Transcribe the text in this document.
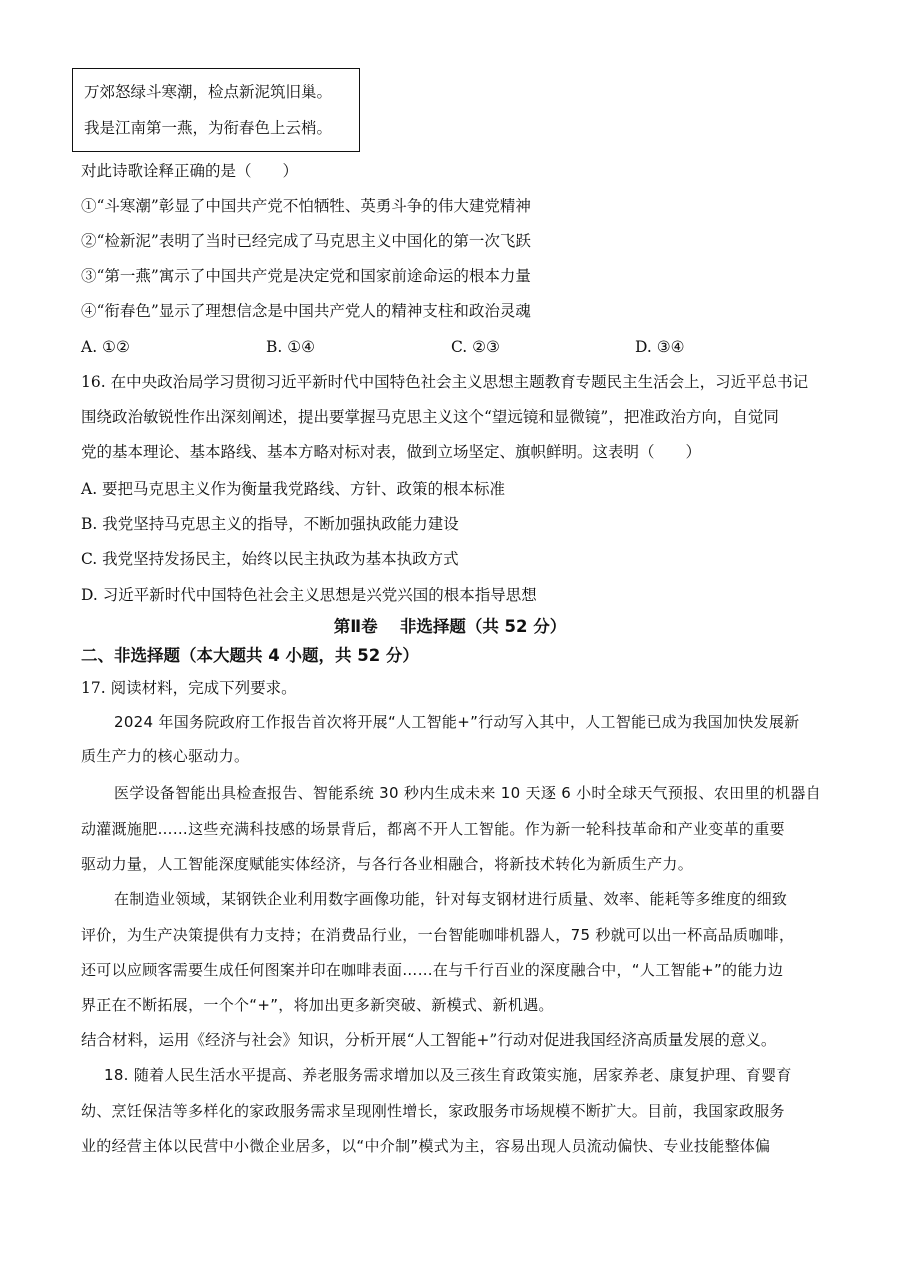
万郊怒绿斗寒潮，检点新泥筑旧巢。
我是江南第一燕，为衔春色上云梢。
对此诗歌诠释正确的是（　　）
①“斗寒潮”彰显了中国共产党不怕牺牲、英勇斗争的伟大建党精神
②“检新泥”表明了当时已经完成了马克思主义中国化的第一次飞跃
③“第一燕”寓示了中国共产党是决定党和国家前途命运的根本力量
④“衔春色”显示了理想信念是中国共产党人的精神支柱和政治灵魂
A. ①②	B. ①④	C. ②③	D. ③④
16. 在中央政治局学习贯彻习近平新时代中国特色社会主义思想主题教育专题民主生活会上，习近平总书记
围绕政治敏锐性作出深刻阐述，提出要掌握马克思主义这个“望远镜和显微镜”，把准政治方向，自觉同
党的基本理论、基本路线、基本方略对标对表，做到立场坚定、旗帜鲜明。这表明（　　）
A. 要把马克思主义作为衡量我党路线、方针、政策的根本标准
B. 我党坚持马克思主义的指导，不断加强执政能力建设
C. 我党坚持发扬民主，始终以民主执政为基本执政方式
D. 习近平新时代中国特色社会主义思想是兴党兴国的根本指导思想
第Ⅱ卷　 非选择题（共 52 分）
二、非选择题（本大题共 4 小题，共 52 分）
17. 阅读材料，完成下列要求。
2024 年国务院政府工作报告首次将开展“人工智能+”行动写入其中，人工智能已成为我国加快发展新
质生产力的核心驱动力。
医学设备智能出具检查报告、智能系统 30 秒内生成未来 10 天逐 6 小时全球天气预报、农田里的机器自
动灌溉施肥……这些充满科技感的场景背后，都离不开人工智能。作为新一轮科技革命和产业变革的重要
驱动力量，人工智能深度赋能实体经济，与各行各业相融合，将新技术转化为新质生产力。
在制造业领域，某钢铁企业利用数字画像功能，针对每支钢材进行质量、效率、能耗等多维度的细致
评价，为生产决策提供有力支持；在消费品行业，一台智能咖啡机器人，75 秒就可以出一杯高品质咖啡，
还可以应顾客需要生成任何图案并印在咖啡表面……在与千行百业的深度融合中，“人工智能+”的能力边
界正在不断拓展，一个个“+”，将加出更多新突破、新模式、新机遇。
结合材料，运用《经济与社会》知识，分析开展“人工智能+”行动对促进我国经济高质量发展的意义。
18. 随着人民生活水平提高、养老服务需求增加以及三孩生育政策实施，居家养老、康复护理、育婴育
幼、烹饪保洁等多样化的家政服务需求呈现刚性增长，家政服务市场规模不断扩大。目前，我国家政服务
业的经营主体以民营中小微企业居多，以“中介制”模式为主，容易出现人员流动偏快、专业技能整体偏
